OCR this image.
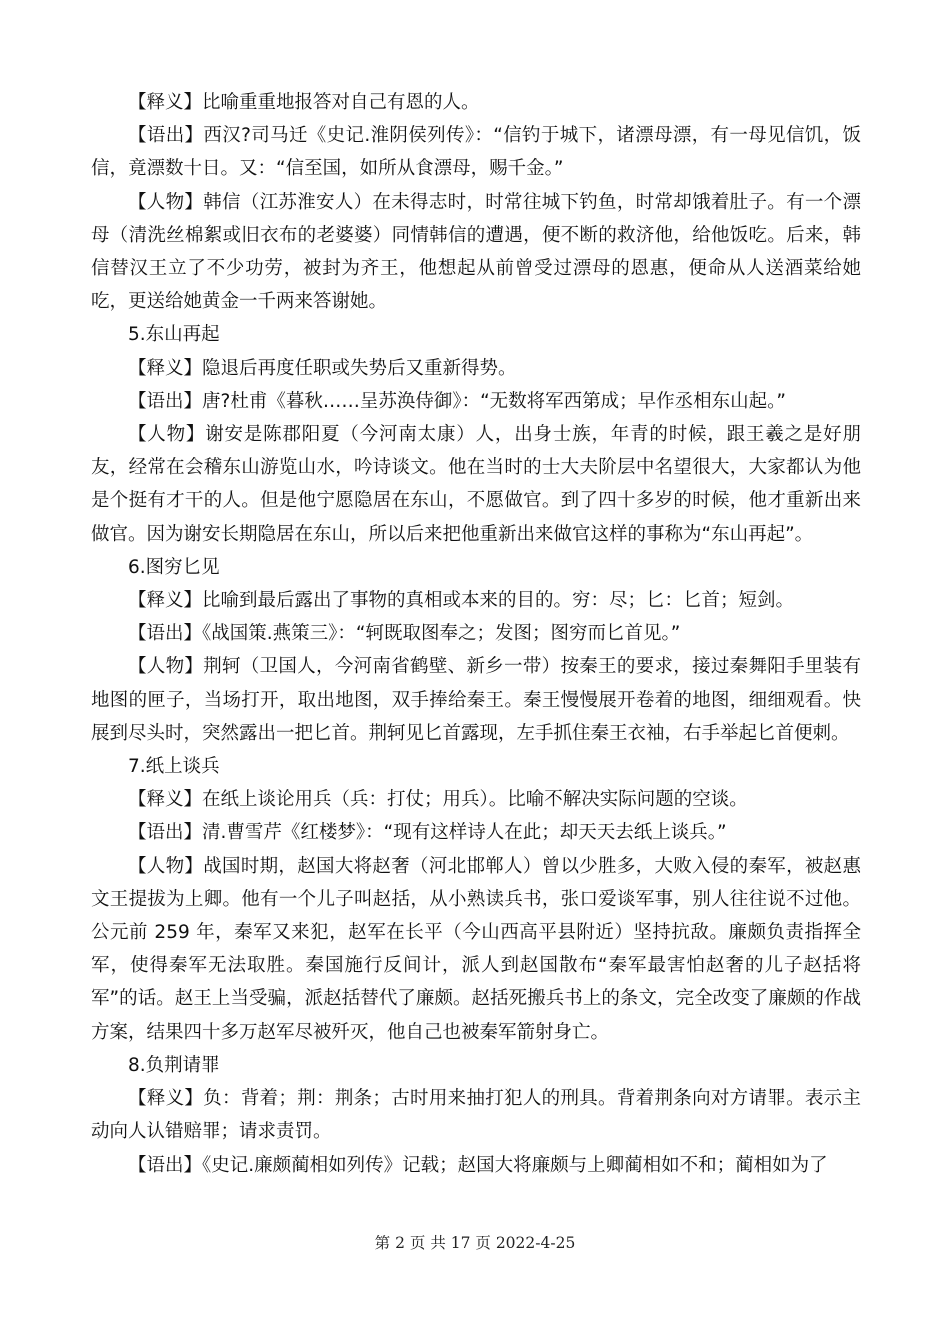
【释义】比喻重重地报答对自己有恩的人。

【语出】西汉?司马迁《史记.淮阴侯列传》：“信钓于城下，诸漂母漂，有一母见信饥，饭信，竟漂数十日。又：“信至国，如所从食漂母，赐千金。”

【人物】韩信（江苏淮安人）在未得志时，时常往城下钓鱼，时常却饿着肚子。有一个漂母（清洗丝棉絮或旧衣布的老婆婆）同情韩信的遭遇，便不断的救济他，给他饭吃。后来，韩信替汉王立了不少功劳，被封为齐王，他想起从前曾受过漂母的恩惠，便命从人送酒菜给她吃，更送给她黄金一千两来答谢她。

5.东山再起

【释义】隐退后再度任职或失势后又重新得势。

【语出】唐?杜甫《暮秋……呈苏涣侍御》：“无数将军西第成；早作丞相东山起。”

【人物】谢安是陈郡阳夏（今河南太康）人，出身士族，年青的时候，跟王羲之是好朋友，经常在会稽东山游览山水，吟诗谈文。他在当时的士大夫阶层中名望很大，大家都认为他是个挺有才干的人。但是他宁愿隐居在东山，不愿做官。到了四十多岁的时候，他才重新出来做官。因为谢安长期隐居在东山，所以后来把他重新出来做官这样的事称为“东山再起”。

6.图穷匕见

【释义】比喻到最后露出了事物的真相或本来的目的。穷：尽；匕：匕首；短剑。

【语出】《战国策.燕策三》：“轲既取图奉之；发图；图穷而匕首见。”

【人物】荆轲（卫国人，今河南省鹤壁、新乡一带）按秦王的要求，接过秦舞阳手里装有地图的匣子，当场打开，取出地图，双手捧给秦王。秦王慢慢展开卷着的地图，细细观看。快展到尽头时，突然露出一把匕首。荆轲见匕首露现，左手抓住秦王衣袖，右手举起匕首便刺。

7.纸上谈兵

【释义】在纸上谈论用兵（兵：打仗；用兵）。比喻不解决实际问题的空谈。

【语出】清.曹雪芹《红楼梦》：“现有这样诗人在此；却天天去纸上谈兵。”

【人物】战国时期，赵国大将赵奢（河北邯郸人）曾以少胜多，大败入侵的秦军，被赵惠文王提拔为上卿。他有一个儿子叫赵括，从小熟读兵书，张口爱谈军事，别人往往说不过他。公元前 259 年，秦军又来犯，赵军在长平（今山西高平县附近）坚持抗敌。廉颇负责指挥全军，使得秦军无法取胜。秦国施行反间计，派人到赵国散布“秦军最害怕赵奢的儿子赵括将军”的话。赵王上当受骗，派赵括替代了廉颇。赵括死搬兵书上的条文，完全改变了廉颇的作战方案，结果四十多万赵军尽被歼灭，他自己也被秦军箭射身亡。

8.负荆请罪

【释义】负：背着；荆：荆条；古时用来抽打犯人的刑具。背着荆条向对方请罪。表示主动向人认错赔罪；请求责罚。

【语出】《史记.廉颇蔺相如列传》记载；赵国大将廉颇与上卿蔺相如不和；蔺相如为了

第 2 页 共 17 页 2022-4-25
